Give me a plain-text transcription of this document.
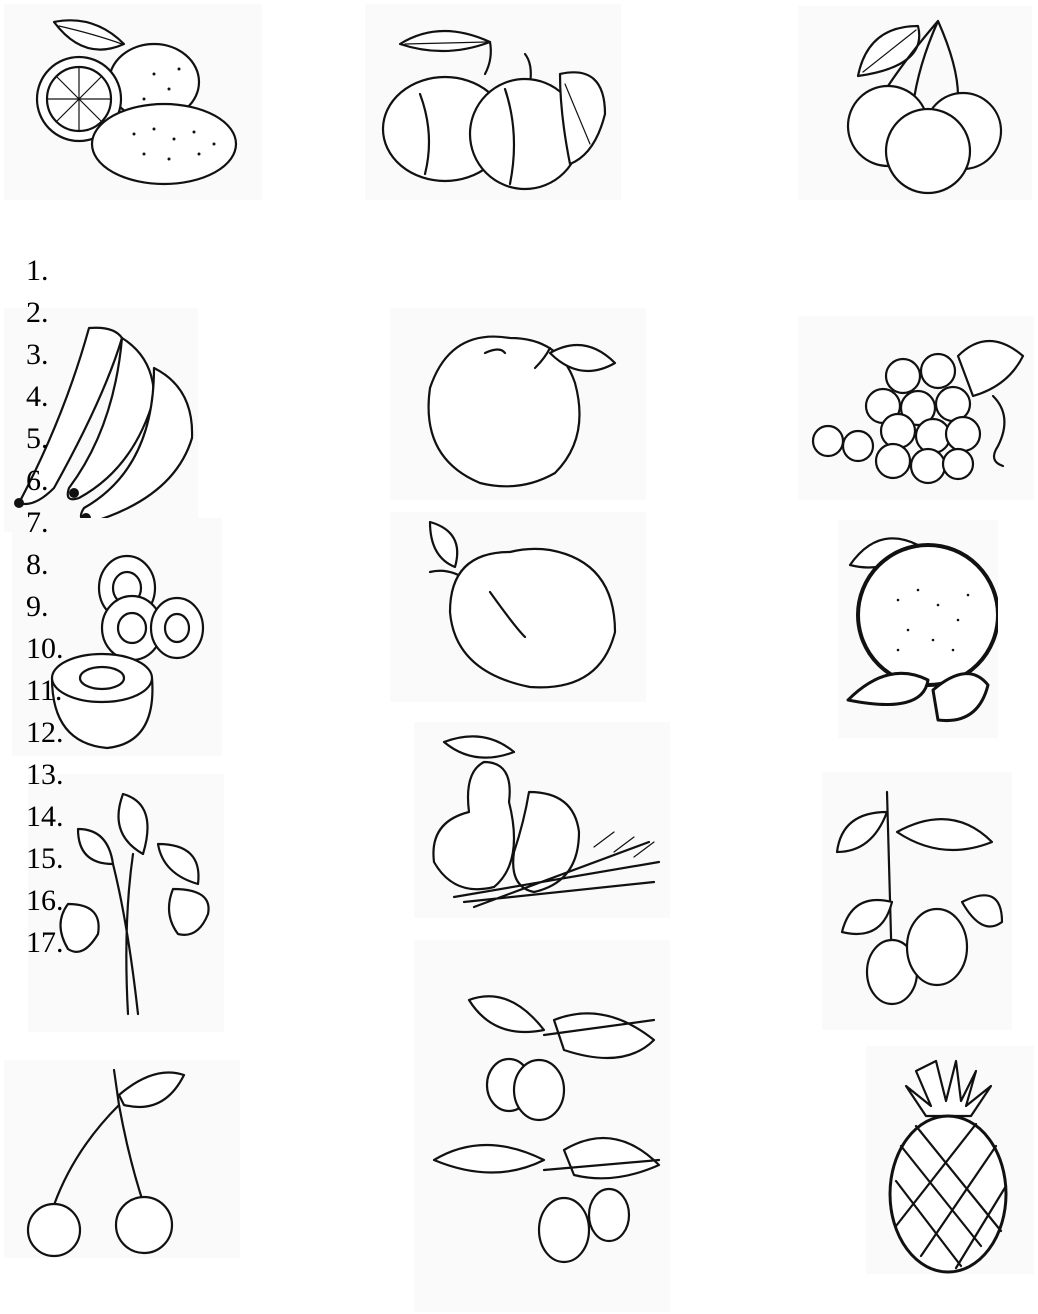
1.
2.
3.
4.
5.
6.
7.
8.
9.
10.
11.
12.
13.
14.
15.
16.
17.
